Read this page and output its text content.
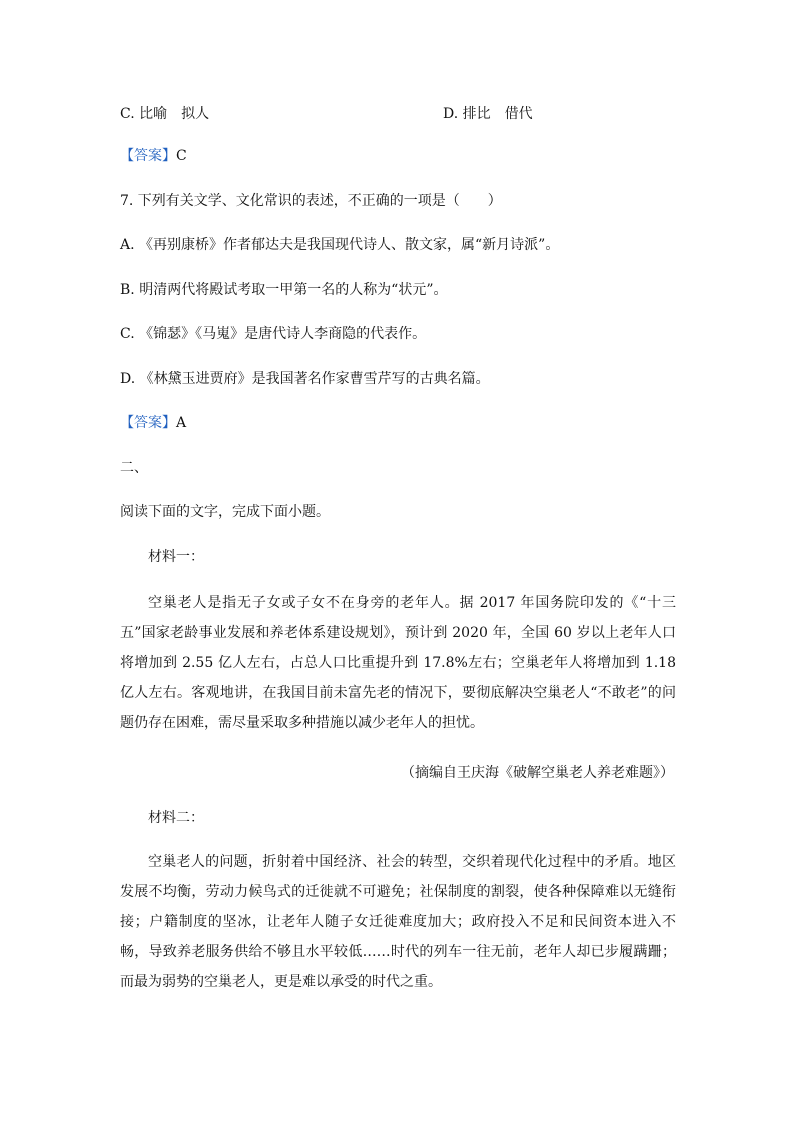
C. 比喻　拟人	D. 排比　借代
【答案】C
7. 下列有关文学、文化常识的表述，不正确的一项是（　　）
A. 《再别康桥》作者郁达夫是我国现代诗人、散文家，属“新月诗派”。
B. 明清两代将殿试考取一甲第一名的人称为“状元”。
C. 《锦瑟》《马嵬》是唐代诗人李商隐的代表作。
D. 《林黛玉进贾府》是我国著名作家曹雪芹写的古典名篇。
【答案】A
二、
阅读下面的文字，完成下面小题。
材料一：
空巢老人是指无子女或子女不在身旁的老年人。据 2017 年国务院印发的《“十三五”国家老龄事业发展和养老体系建设规划》，预计到 2020 年，全国 60 岁以上老年人口将增加到 2.55 亿人左右，占总人口比重提升到 17.8%左右；空巢老年人将增加到 1.18 亿人左右。客观地讲，在我国目前未富先老的情况下，要彻底解决空巢老人“不敢老”的问题仍存在困难，需尽量采取多种措施以减少老年人的担忧。
（摘编自王庆海《破解空巢老人养老难题》）
材料二：
空巢老人的问题，折射着中国经济、社会的转型，交织着现代化过程中的矛盾。地区发展不均衡，劳动力候鸟式的迁徙就不可避免；社保制度的割裂，使各种保障难以无缝衔接；户籍制度的坚冰，让老年人随子女迁徙难度加大；政府投入不足和民间资本进入不畅，导致养老服务供给不够且水平较低……时代的列车一往无前，老年人却已步履蹒跚；而最为弱势的空巢老人，更是难以承受的时代之重。
